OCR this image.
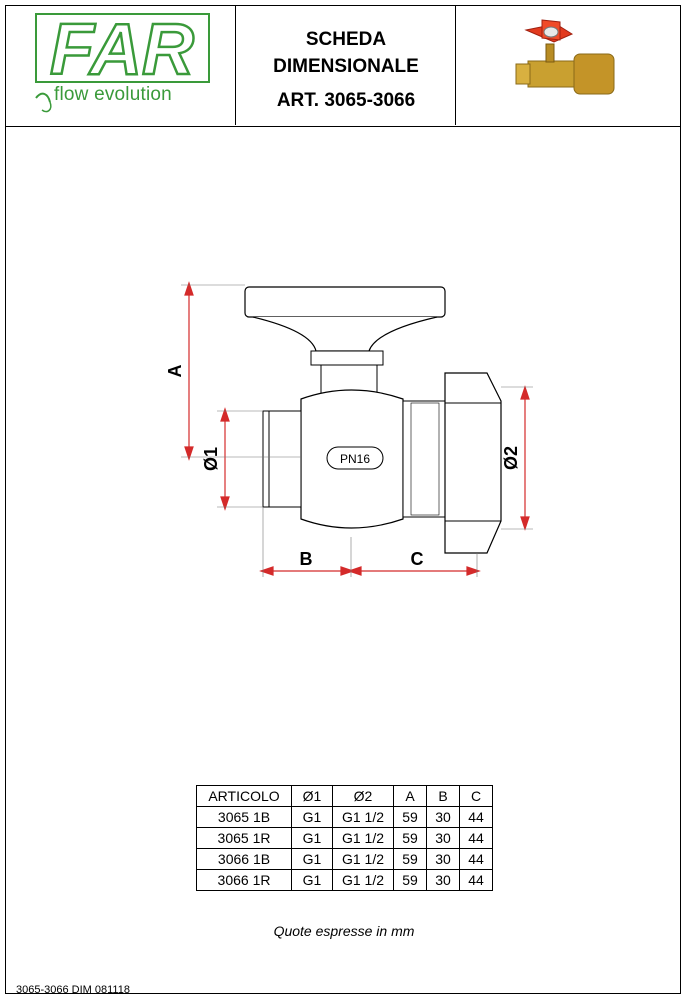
FAR
flow evolution
SCHEDA
DIMENSIONALE
ART. 3065-3066
PN16
A
Ø1	Ø2
B	C
ARTICOLO	Ø1	Ø2	A	B	C
3065 1B	G1	G1 1/2	59	30	44
3065 1R	G1	G1 1/2	59	30	44
3066 1B	G1	G1 1/2	59	30	44
3066 1R	G1	G1 1/2	59	30	44
Quote espresse in mm
3065-3066 DIM 081118
